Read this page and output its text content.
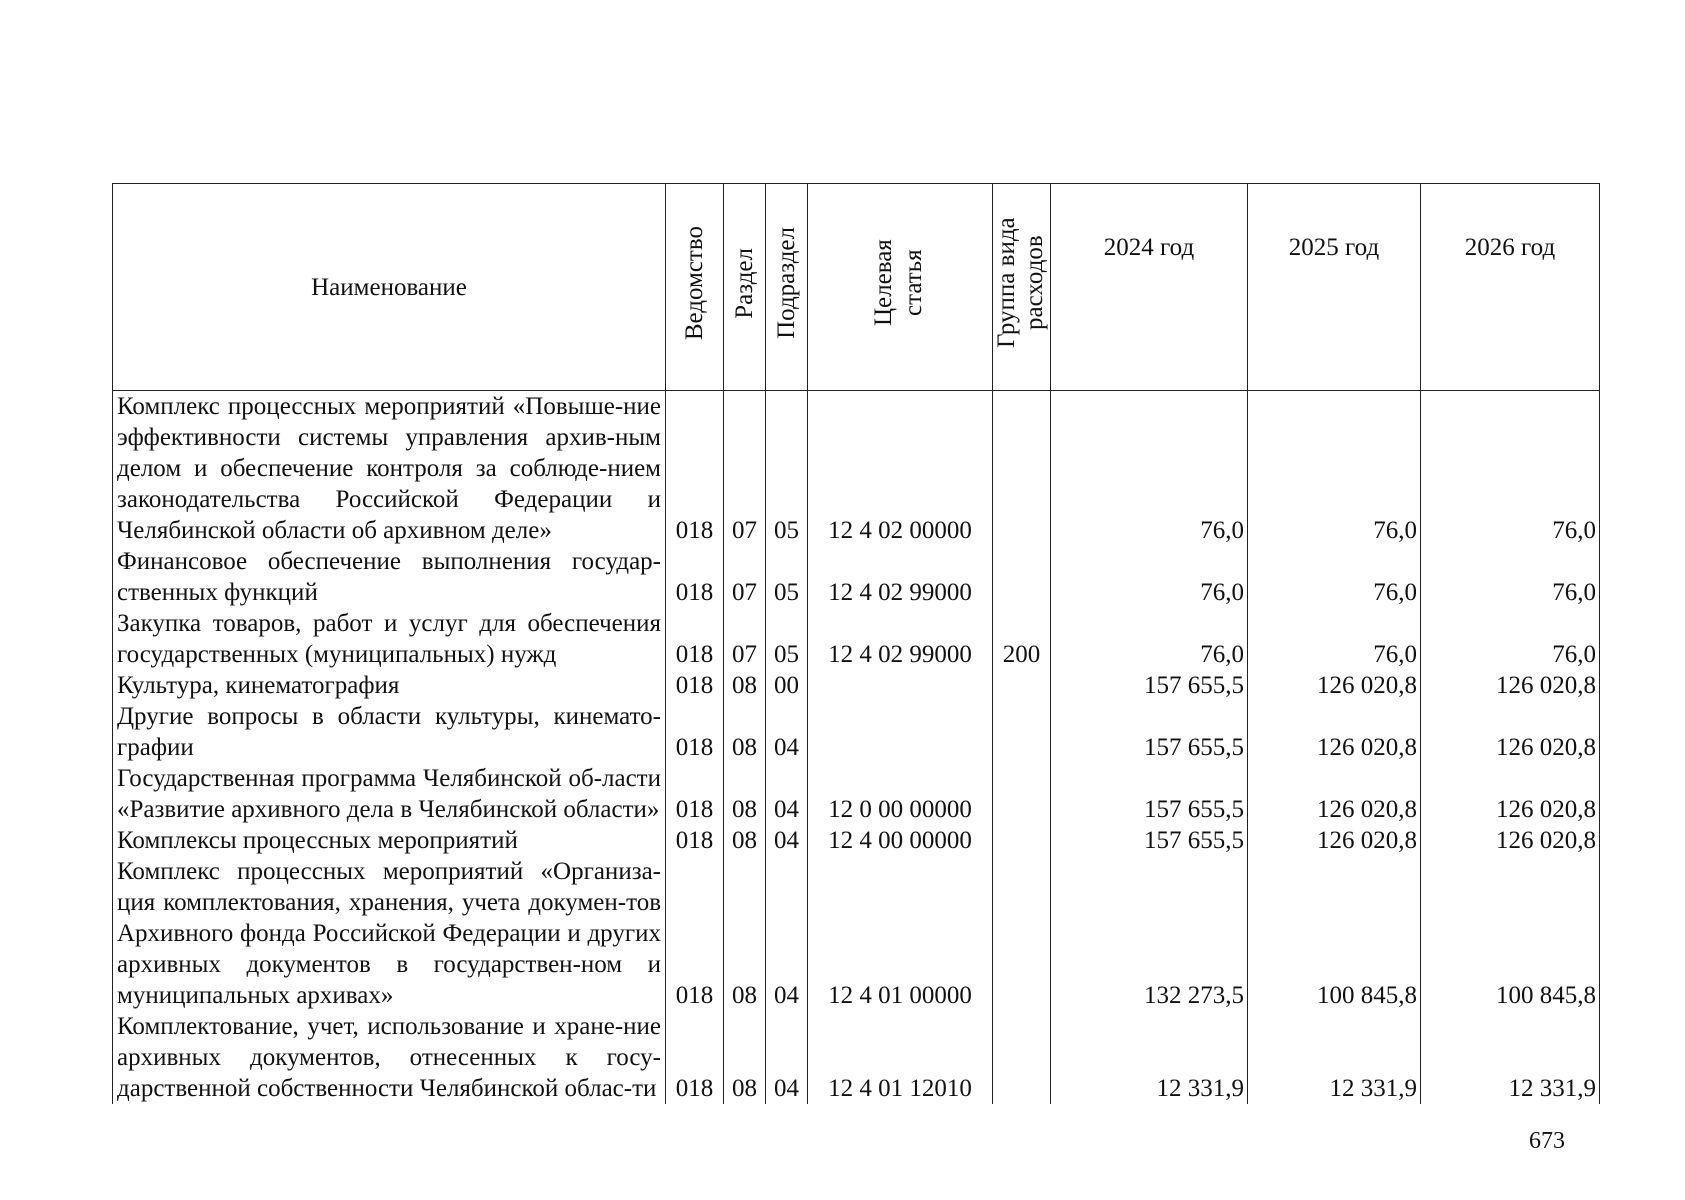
Наименование	Ведомство	Раздел	Подраздел	Целевая статья	Группа вида расходов	2024 год	2025 год	2026 год
Комплекс процессных мероприятий «Повыше-ние эффективности системы управления архив-ным делом и обеспечение контроля за соблюде-нием законодательства Российской Федерации и Челябинской области об архивном деле»	018	07	05	12 4 02 00000		76,0	76,0	76,0
Финансовое обеспечение выполнения государ-ственных функций	018	07	05	12 4 02 99000		76,0	76,0	76,0
Закупка товаров, работ и услуг для обеспечения государственных (муниципальных) нужд	018	07	05	12 4 02 99000	200	76,0	76,0	76,0
Культура, кинематография	018	08	00			157 655,5	126 020,8	126 020,8
Другие вопросы в области культуры, кинемато-графии	018	08	04			157 655,5	126 020,8	126 020,8
Государственная программа Челябинской об-ласти «Развитие архивного дела в Челябинской области»	018	08	04	12 0 00 00000		157 655,5	126 020,8	126 020,8
Комплексы процессных мероприятий	018	08	04	12 4 00 00000		157 655,5	126 020,8	126 020,8
Комплекс процессных мероприятий «Организа-ция комплектования, хранения, учета докумен-тов Архивного фонда Российской Федерации и других архивных документов в государствен-ном и муниципальных архивах»	018	08	04	12 4 01 00000		132 273,5	100 845,8	100 845,8
Комплектование, учет, использование и хране-ние архивных документов, отнесенных к госу-дарственной собственности Челябинской облас-ти	018	08	04	12 4 01 12010		12 331,9	12 331,9	12 331,9
673
